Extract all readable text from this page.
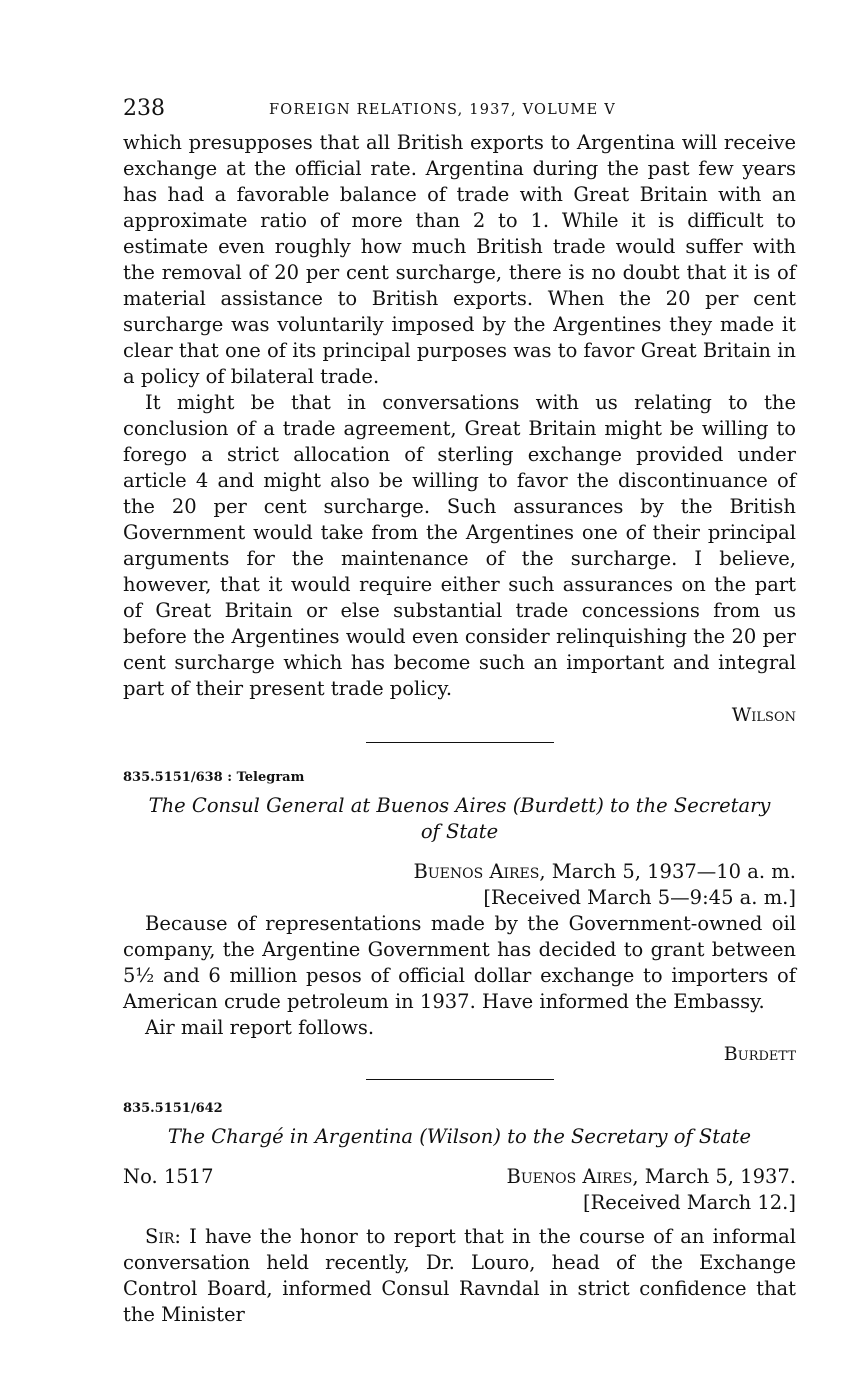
238	FOREIGN RELATIONS, 1937, VOLUME V

which presupposes that all British exports to Argentina will receive exchange at the official rate. Argentina during the past few years has had a favorable balance of trade with Great Britain with an approximate ratio of more than 2 to 1. While it is difficult to estimate even roughly how much British trade would suffer with the removal of 20 per cent surcharge, there is no doubt that it is of material assistance to British exports. When the 20 per cent surcharge was voluntarily imposed by the Argentines they made it clear that one of its principal purposes was to favor Great Britain in a policy of bilateral trade.

It might be that in conversations with us relating to the conclusion of a trade agreement, Great Britain might be willing to forego a strict allocation of sterling exchange provided under article 4 and might also be willing to favor the discontinuance of the 20 per cent surcharge. Such assurances by the British Government would take from the Argentines one of their principal arguments for the maintenance of the surcharge. I believe, however, that it would require either such assurances on the part of Great Britain or else substantial trade concessions from us before the Argentines would even consider relinquishing the 20 per cent surcharge which has become such an important and integral part of their present trade policy.

Wilson

835.5151/638 : Telegram
The Consul General at Buenos Aires (Burdett) to the Secretary of State
Buenos Aires, March 5, 1937—10 a. m.
[Received March 5—9:45 a. m.]

Because of representations made by the Government-owned oil company, the Argentine Government has decided to grant between 5½ and 6 million pesos of official dollar exchange to importers of American crude petroleum in 1937. Have informed the Embassy.

Air mail report follows.

Burdett

835.5151/642
The Chargé in Argentina (Wilson) to the Secretary of State
No. 1517	Buenos Aires, March 5, 1937.
[Received March 12.]

Sir: I have the honor to report that in the course of an informal conversation held recently, Dr. Louro, head of the Exchange Control Board, informed Consul Ravndal in strict confidence that the Minister
